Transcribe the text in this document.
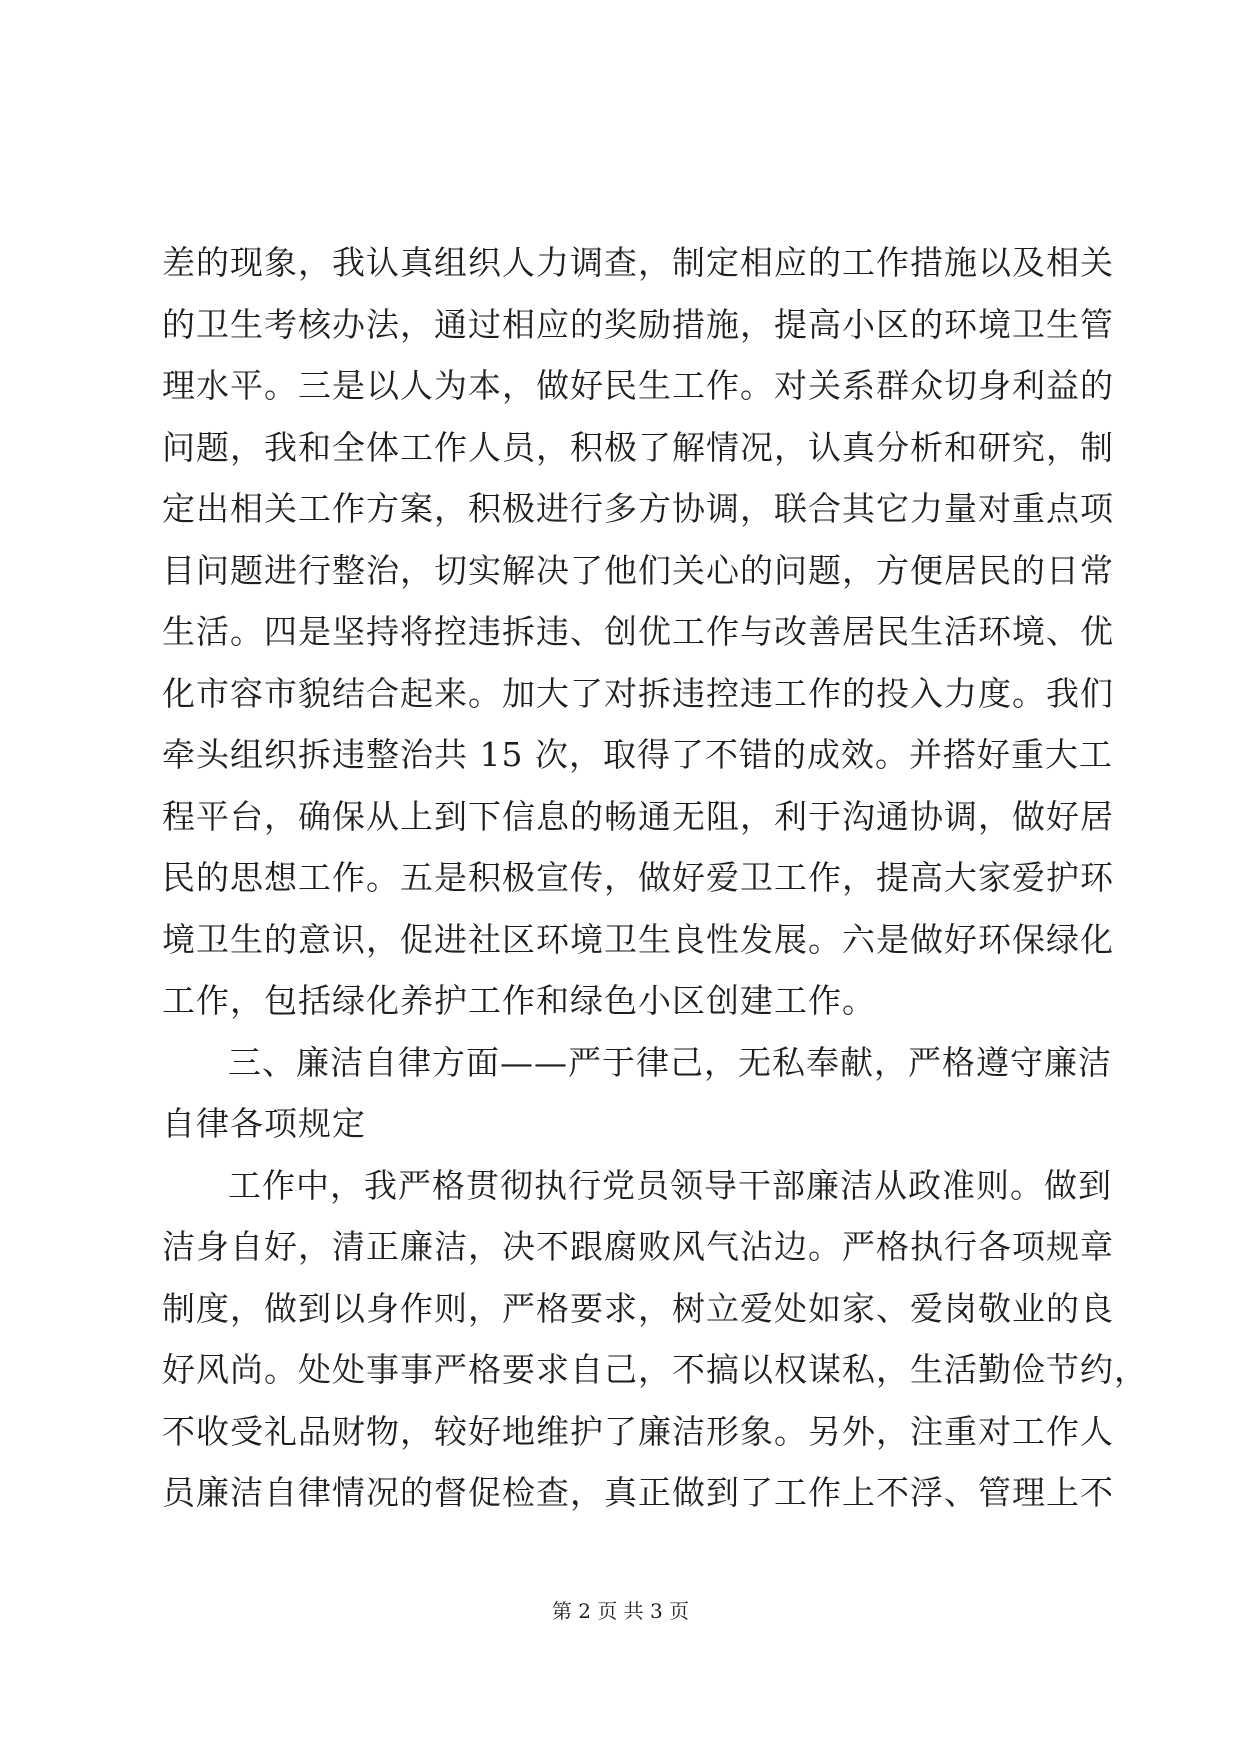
差的现象，我认真组织人力调查，制定相应的工作措施以及相关
的卫生考核办法，通过相应的奖励措施，提高小区的环境卫生管
理水平。三是以人为本，做好民生工作。对关系群众切身利益的
问题，我和全体工作人员，积极了解情况，认真分析和研究，制
定出相关工作方案，积极进行多方协调，联合其它力量对重点项
目问题进行整治，切实解决了他们关心的问题，方便居民的日常
生活。四是坚持将控违拆违、创优工作与改善居民生活环境、优
化市容市貌结合起来。加大了对拆违控违工作的投入力度。我们
牵头组织拆违整治共 15 次，取得了不错的成效。并搭好重大工
程平台，确保从上到下信息的畅通无阻，利于沟通协调，做好居
民的思想工作。五是积极宣传，做好爱卫工作，提高大家爱护环
境卫生的意识，促进社区环境卫生良性发展。六是做好环保绿化
工作，包括绿化养护工作和绿色小区创建工作。
三、廉洁自律方面——严于律己，无私奉献，严格遵守廉洁
自律各项规定
工作中，我严格贯彻执行党员领导干部廉洁从政准则。做到
洁身自好，清正廉洁，决不跟腐败风气沾边。严格执行各项规章
制度，做到以身作则，严格要求，树立爱处如家、爱岗敬业的良
好风尚。处处事事严格要求自己，不搞以权谋私，生活勤俭节约，
不收受礼品财物，较好地维护了廉洁形象。另外，注重对工作人
员廉洁自律情况的督促检查，真正做到了工作上不浮、管理上不
第 2 页 共 3 页
